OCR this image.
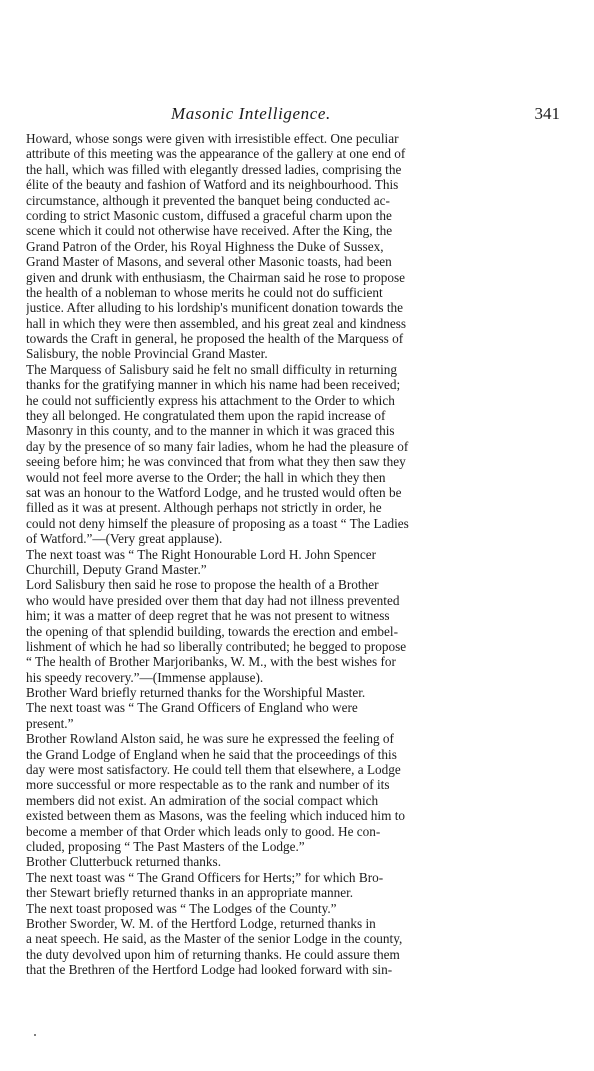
Masonic Intelligence.	341
Howard, whose songs were given with irresistible effect. One peculiar
attribute of this meeting was the appearance of the gallery at one end of
the hall, which was filled with elegantly dressed ladies, comprising the
élite of the beauty and fashion of Watford and its neighbourhood. This
circumstance, although it prevented the banquet being conducted ac-
cording to strict Masonic custom, diffused a graceful charm upon the
scene which it could not otherwise have received. After the King, the
Grand Patron of the Order, his Royal Highness the Duke of Sussex,
Grand Master of Masons, and several other Masonic toasts, had been
given and drunk with enthusiasm, the Chairman said he rose to propose
the health of a nobleman to whose merits he could not do sufficient
justice. After alluding to his lordship's munificent donation towards the
hall in which they were then assembled, and his great zeal and kindness
towards the Craft in general, he proposed the health of the Marquess of
Salisbury, the noble Provincial Grand Master.
The Marquess of Salisbury said he felt no small difficulty in returning
thanks for the gratifying manner in which his name had been received;
he could not sufficiently express his attachment to the Order to which
they all belonged. He congratulated them upon the rapid increase of
Masonry in this county, and to the manner in which it was graced this
day by the presence of so many fair ladies, whom he had the pleasure of
seeing before him; he was convinced that from what they then saw they
would not feel more averse to the Order; the hall in which they then
sat was an honour to the Watford Lodge, and he trusted would often be
filled as it was at present. Although perhaps not strictly in order, he
could not deny himself the pleasure of proposing as a toast “ The Ladies
of Watford.”—(Very great applause).
The next toast was “ The Right Honourable Lord H. John Spencer
Churchill, Deputy Grand Master.”
Lord Salisbury then said he rose to propose the health of a Brother
who would have presided over them that day had not illness prevented
him; it was a matter of deep regret that he was not present to witness
the opening of that splendid building, towards the erection and embel-
lishment of which he had so liberally contributed; he begged to propose
“ The health of Brother Marjoribanks, W. M., with the best wishes for
his speedy recovery.”—(Immense applause).
Brother Ward briefly returned thanks for the Worshipful Master.
The next toast was “ The Grand Officers of England who were
present.”
Brother Rowland Alston said, he was sure he expressed the feeling of
the Grand Lodge of England when he said that the proceedings of this
day were most satisfactory. He could tell them that elsewhere, a Lodge
more successful or more respectable as to the rank and number of its
members did not exist. An admiration of the social compact which
existed between them as Masons, was the feeling which induced him to
become a member of that Order which leads only to good. He con-
cluded, proposing “ The Past Masters of the Lodge.”
Brother Clutterbuck returned thanks.
The next toast was “ The Grand Officers for Herts;” for which Bro-
ther Stewart briefly returned thanks in an appropriate manner.
The next toast proposed was “ The Lodges of the County.”
Brother Sworder, W. M. of the Hertford Lodge, returned thanks in
a neat speech. He said, as the Master of the senior Lodge in the county,
the duty devolved upon him of returning thanks. He could assure them
that the Brethren of the Hertford Lodge had looked forward with sin-
